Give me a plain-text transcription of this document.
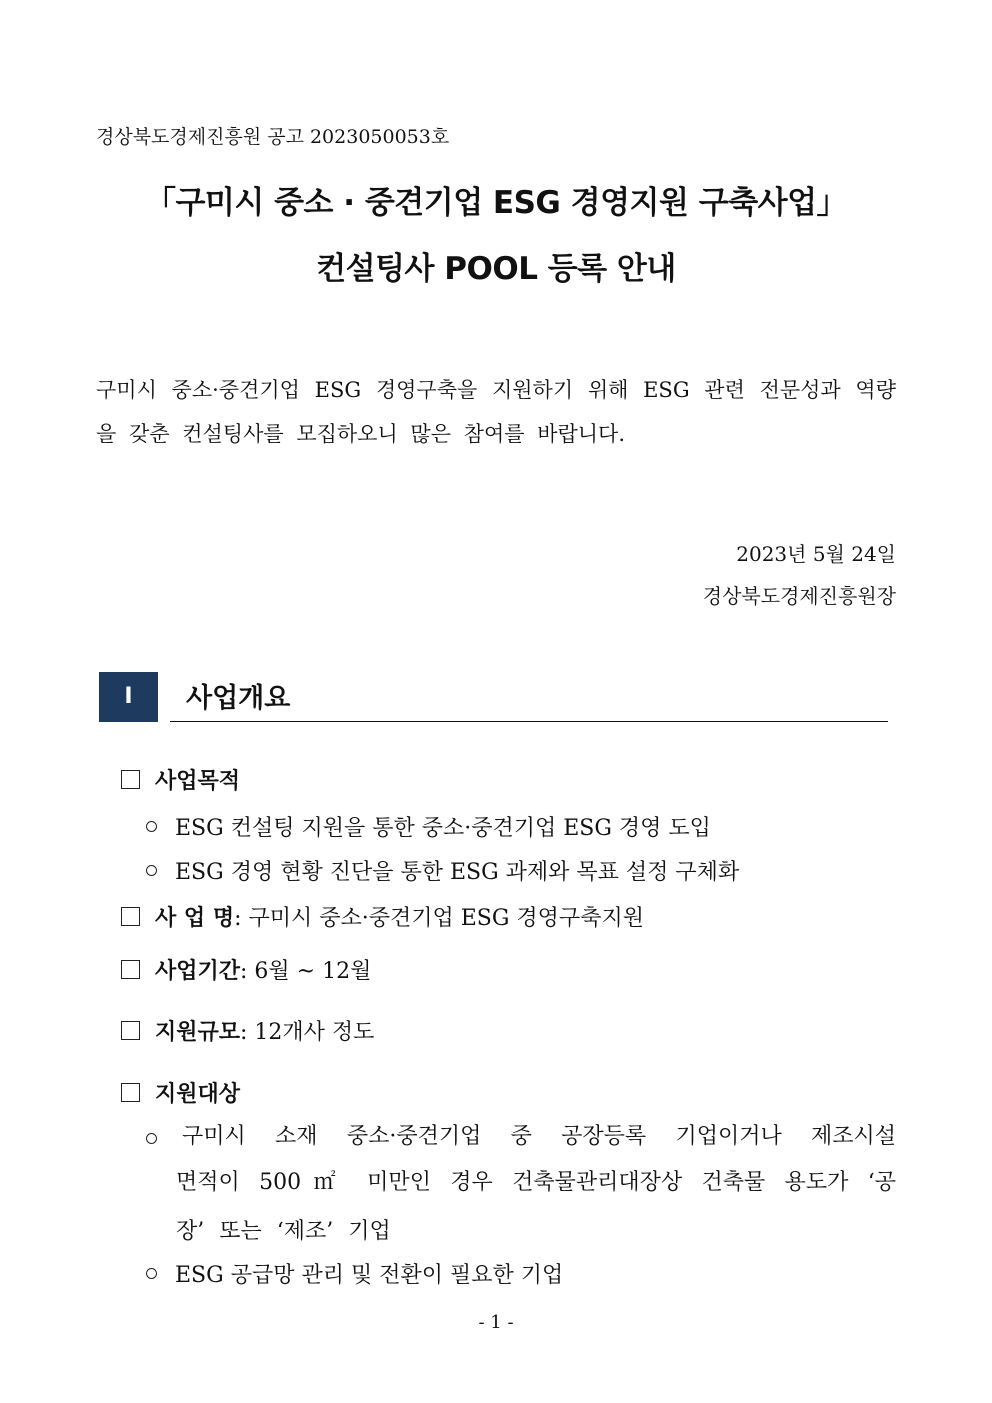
경상북도경제진흥원 공고 2023050053호
「구미시 중소 · 중견기업 ESG 경영지원 구축사업」
컨설팅사 POOL 등록 안내
구미시 중소·중견기업 ESG 경영구축을 지원하기 위해 ESG 관련 전문성과 역량을 갖춘 컨설팅사를 모집하오니 많은 참여를 바랍니다.
2023년 5월 24일
경상북도경제진흥원장
Ⅰ	사업개요
사업목적
ESG 컨설팅 지원을 통한 중소·중견기업 ESG 경영 도입
ESG 경영 현황 진단을 통한 ESG 과제와 목표 설정 구체화
사 업 명: 구미시 중소·중견기업 ESG 경영구축지원
사업기간: 6월 ~ 12월
지원규모: 12개사 정도
지원대상
구미시 소재 중소·중견기업 중 공장등록 기업이거나 제조시설
면적이 500㎡ 미만인 경우 건축물관리대장상 건축물 용도가 ‘공
장’ 또는 ‘제조’ 기업
ESG 공급망 관리 및 전환이 필요한 기업
- 1 -
